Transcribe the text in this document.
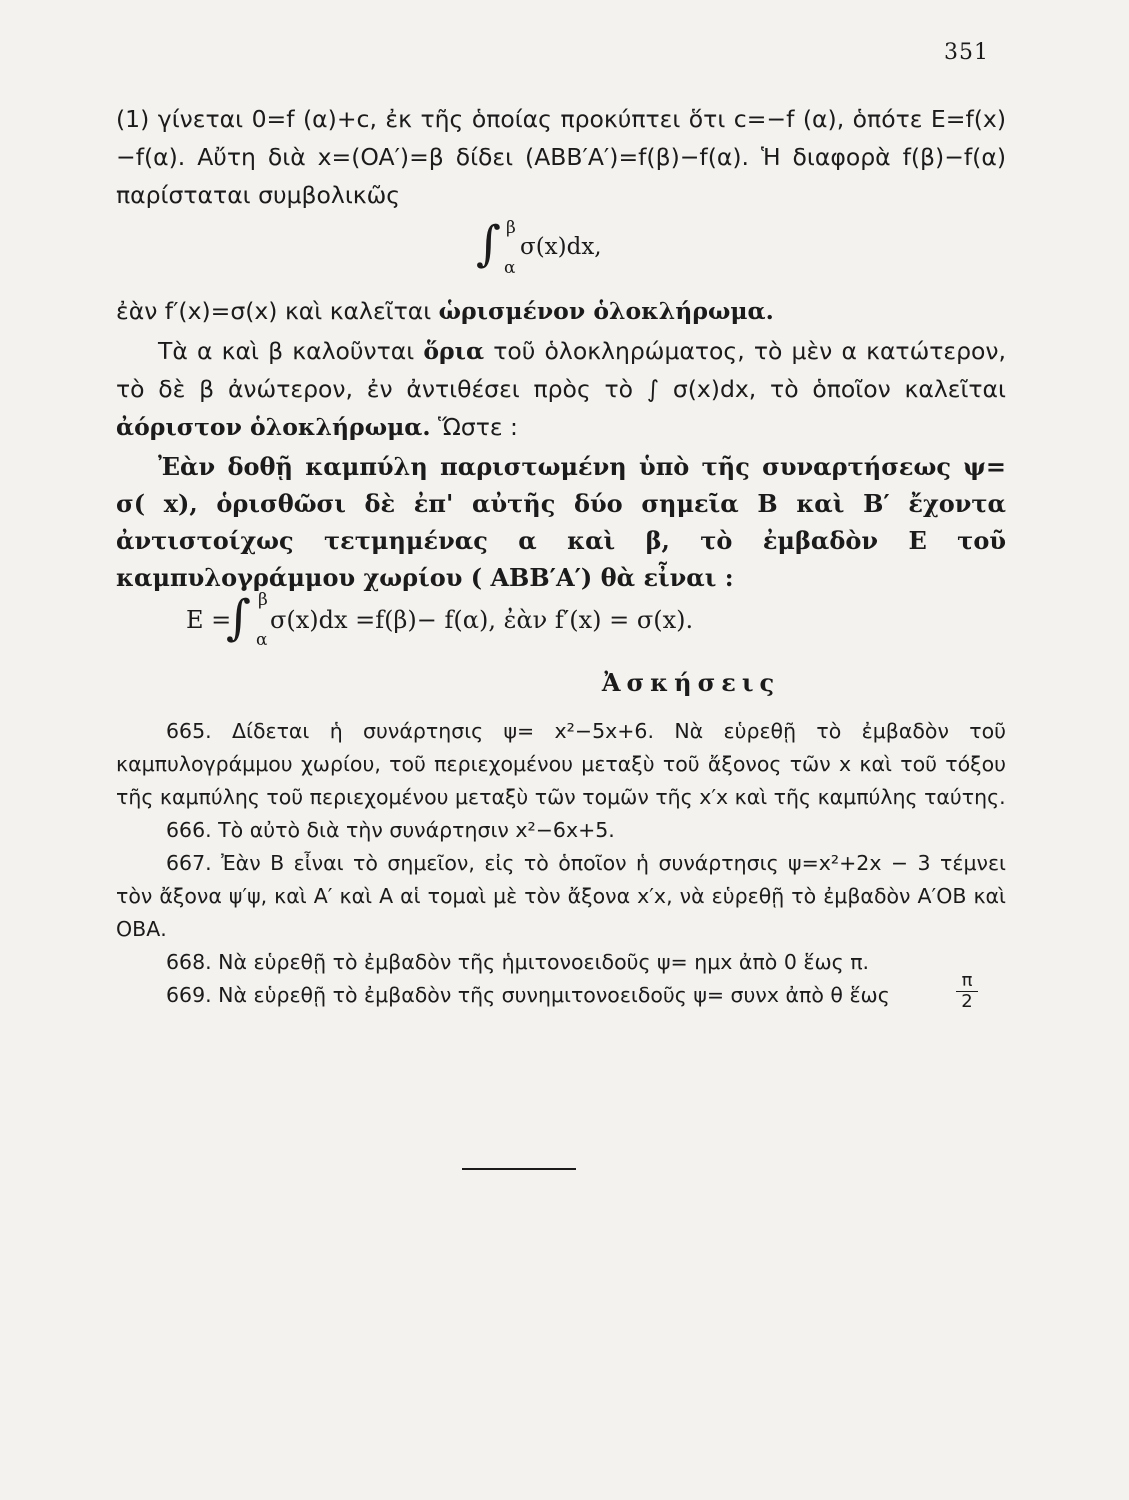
351

(1) γίνεται 0=f (α)+c, ἐκ τῆς ὁποίας προκύπτει ὅτι c=−f (α), ὁπότε E=f(x)−f(α). Αὔτη διὰ x=(OA′)=β δίδει (ABB′A′)=f(β)−f(α). Ἡ διαφορὰ f(β)−f(α) παρίσταται συμβολικῶς

∫ β
α
σ(x)dx,

ἐὰν f′(x)=σ(x) καὶ καλεῖται ὡρισμένον ὁλοκλήρωμα.

Τὰ α καὶ β καλοῦνται ὅρια τοῦ ὁλοκληρώματος, τὸ μὲν α κατώτερον, τὸ δὲ β ἀνώτερον, ἐν ἀντιθέσει πρὸς τὸ ∫ σ(x)dx, τὸ ὁποῖον καλεῖται ἀόριστον ὁλοκλήρωμα. Ὥστε :

Ἐὰν δοθῇ καμπύλη παριστωμένη ὑπὸ τῆς συναρτήσεως ψ= σ( x), ὁρισθῶσι δὲ ἐπ' αὐτῆς δύο σημεῖα Β καὶ Β′ ἔχοντα ἀντιστοίχως τετμημένας α καὶ β, τὸ ἐμβαδὸν Ε τοῦ καμπυλογράμμου χωρίου ( ΑΒΒ′Α′) θὰ εἶναι :

E =
∫ β
α
σ(x)dx =f(β)− f(α), ἐὰν f′(x) = σ(x).
Ἀσκήσεις

665. Δίδεται ἡ συνάρτησις ψ= x²−5x+6. Νὰ εὑρεθῇ τὸ ἐμβαδὸν τοῦ καμπυλογράμμου χωρίου, τοῦ περιεχομένου μεταξὺ τοῦ ἄξονος τῶν x καὶ τοῦ τόξου τῆς καμπύλης τοῦ περιεχομένου μεταξὺ τῶν τομῶν τῆς x′x καὶ τῆς καμπύλης ταύτης.

666. Τὸ αὐτὸ διὰ τὴν συνάρτησιν x²−6x+5.

667. Ἐὰν Β εἶναι τὸ σημεῖον, εἰς τὸ ὁποῖον ἡ συνάρτησις ψ=x²+2x − 3 τέμνει τὸν ἄξονα ψ′ψ, καὶ Α′ καὶ Α αἱ τομαὶ μὲ τὸν ἄξονα x′x, νὰ εὑρεθῇ τὸ ἐμβαδὸν Α′ΟΒ καὶ ΟΒΑ.

668. Νὰ εὑρεθῇ τὸ ἐμβαδὸν τῆς ἡμιτονοειδοῦς ψ= ημx ἀπὸ 0 ἕως π.

669. Νὰ εὑρεθῇ τὸ ἐμβαδὸν τῆς συνημιτονοειδοῦς ψ= συνx ἀπὸ θ ἕως	$\frac{\pi}{2}$
